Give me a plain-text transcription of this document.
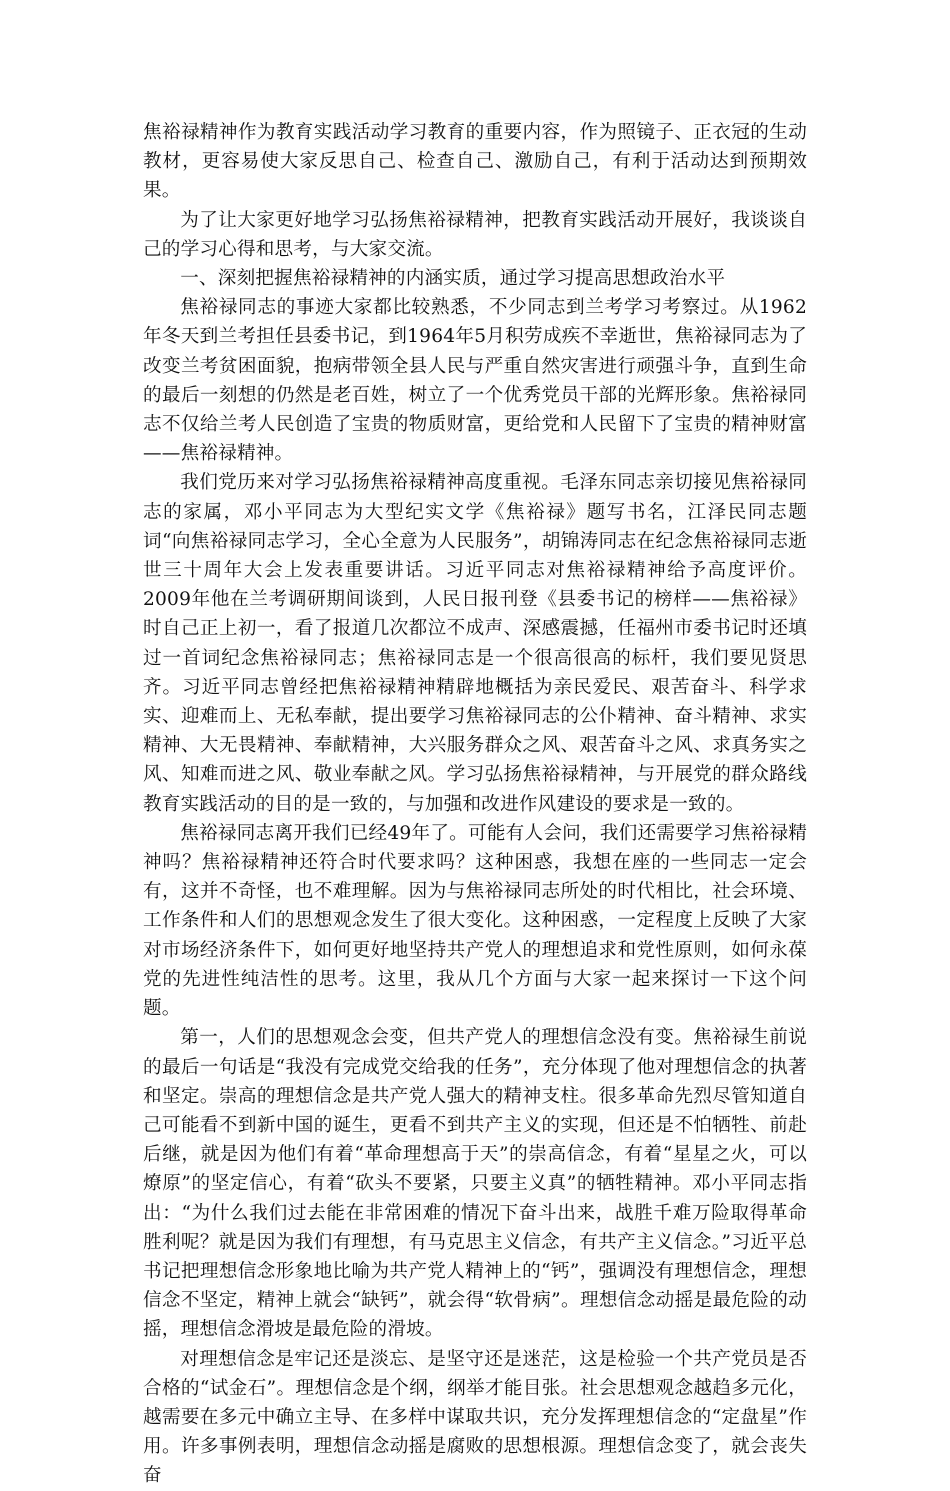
焦裕禄精神作为教育实践活动学习教育的重要内容，作为照镜子、正衣冠的生动教材，更容易使大家反思自己、检查自己、激励自己，有利于活动达到预期效果。

为了让大家更好地学习弘扬焦裕禄精神，把教育实践活动开展好，我谈谈自己的学习心得和思考，与大家交流。

一、深刻把握焦裕禄精神的内涵实质，通过学习提高思想政治水平

焦裕禄同志的事迹大家都比较熟悉，不少同志到兰考学习考察过。从1962年冬天到兰考担任县委书记，到1964年5月积劳成疾不幸逝世，焦裕禄同志为了改变兰考贫困面貌，抱病带领全县人民与严重自然灾害进行顽强斗争，直到生命的最后一刻想的仍然是老百姓，树立了一个优秀党员干部的光辉形象。焦裕禄同志不仅给兰考人民创造了宝贵的物质财富，更给党和人民留下了宝贵的精神财富——焦裕禄精神。

我们党历来对学习弘扬焦裕禄精神高度重视。毛泽东同志亲切接见焦裕禄同志的家属，邓小平同志为大型纪实文学《焦裕禄》题写书名，江泽民同志题词“向焦裕禄同志学习，全心全意为人民服务”，胡锦涛同志在纪念焦裕禄同志逝世三十周年大会上发表重要讲话。习近平同志对焦裕禄精神给予高度评价。2009年他在兰考调研期间谈到，人民日报刊登《县委书记的榜样——焦裕禄》时自己正上初一，看了报道几次都泣不成声、深感震撼，任福州市委书记时还填过一首词纪念焦裕禄同志；焦裕禄同志是一个很高很高的标杆，我们要见贤思齐。习近平同志曾经把焦裕禄精神精辟地概括为亲民爱民、艰苦奋斗、科学求实、迎难而上、无私奉献，提出要学习焦裕禄同志的公仆精神、奋斗精神、求实精神、大无畏精神、奉献精神，大兴服务群众之风、艰苦奋斗之风、求真务实之风、知难而进之风、敬业奉献之风。学习弘扬焦裕禄精神，与开展党的群众路线教育实践活动的目的是一致的，与加强和改进作风建设的要求是一致的。

焦裕禄同志离开我们已经49年了。可能有人会问，我们还需要学习焦裕禄精神吗？焦裕禄精神还符合时代要求吗？这种困惑，我想在座的一些同志一定会有，这并不奇怪，也不难理解。因为与焦裕禄同志所处的时代相比，社会环境、工作条件和人们的思想观念发生了很大变化。这种困惑，一定程度上反映了大家对市场经济条件下，如何更好地坚持共产党人的理想追求和党性原则，如何永葆党的先进性纯洁性的思考。这里，我从几个方面与大家一起来探讨一下这个问题。

第一，人们的思想观念会变，但共产党人的理想信念没有变。焦裕禄生前说的最后一句话是“我没有完成党交给我的任务”，充分体现了他对理想信念的执著和坚定。崇高的理想信念是共产党人强大的精神支柱。很多革命先烈尽管知道自己可能看不到新中国的诞生，更看不到共产主义的实现，但还是不怕牺牲、前赴后继，就是因为他们有着“革命理想高于天”的崇高信念，有着“星星之火，可以燎原”的坚定信心，有着“砍头不要紧，只要主义真”的牺牲精神。邓小平同志指出：“为什么我们过去能在非常困难的情况下奋斗出来，战胜千难万险取得革命胜利呢？就是因为我们有理想，有马克思主义信念，有共产主义信念。”习近平总书记把理想信念形象地比喻为共产党人精神上的“钙”，强调没有理想信念，理想信念不坚定，精神上就会“缺钙”，就会得“软骨病”。理想信念动摇是最危险的动摇，理想信念滑坡是最危险的滑坡。

对理想信念是牢记还是淡忘、是坚守还是迷茫，这是检验一个共产党员是否合格的“试金石”。理想信念是个纲，纲举才能目张。社会思想观念越趋多元化，越需要在多元中确立主导、在多样中谋取共识，充分发挥理想信念的“定盘星”作用。许多事例表明，理想信念动摇是腐败的思想根源。理想信念变了，就会丧失奋
